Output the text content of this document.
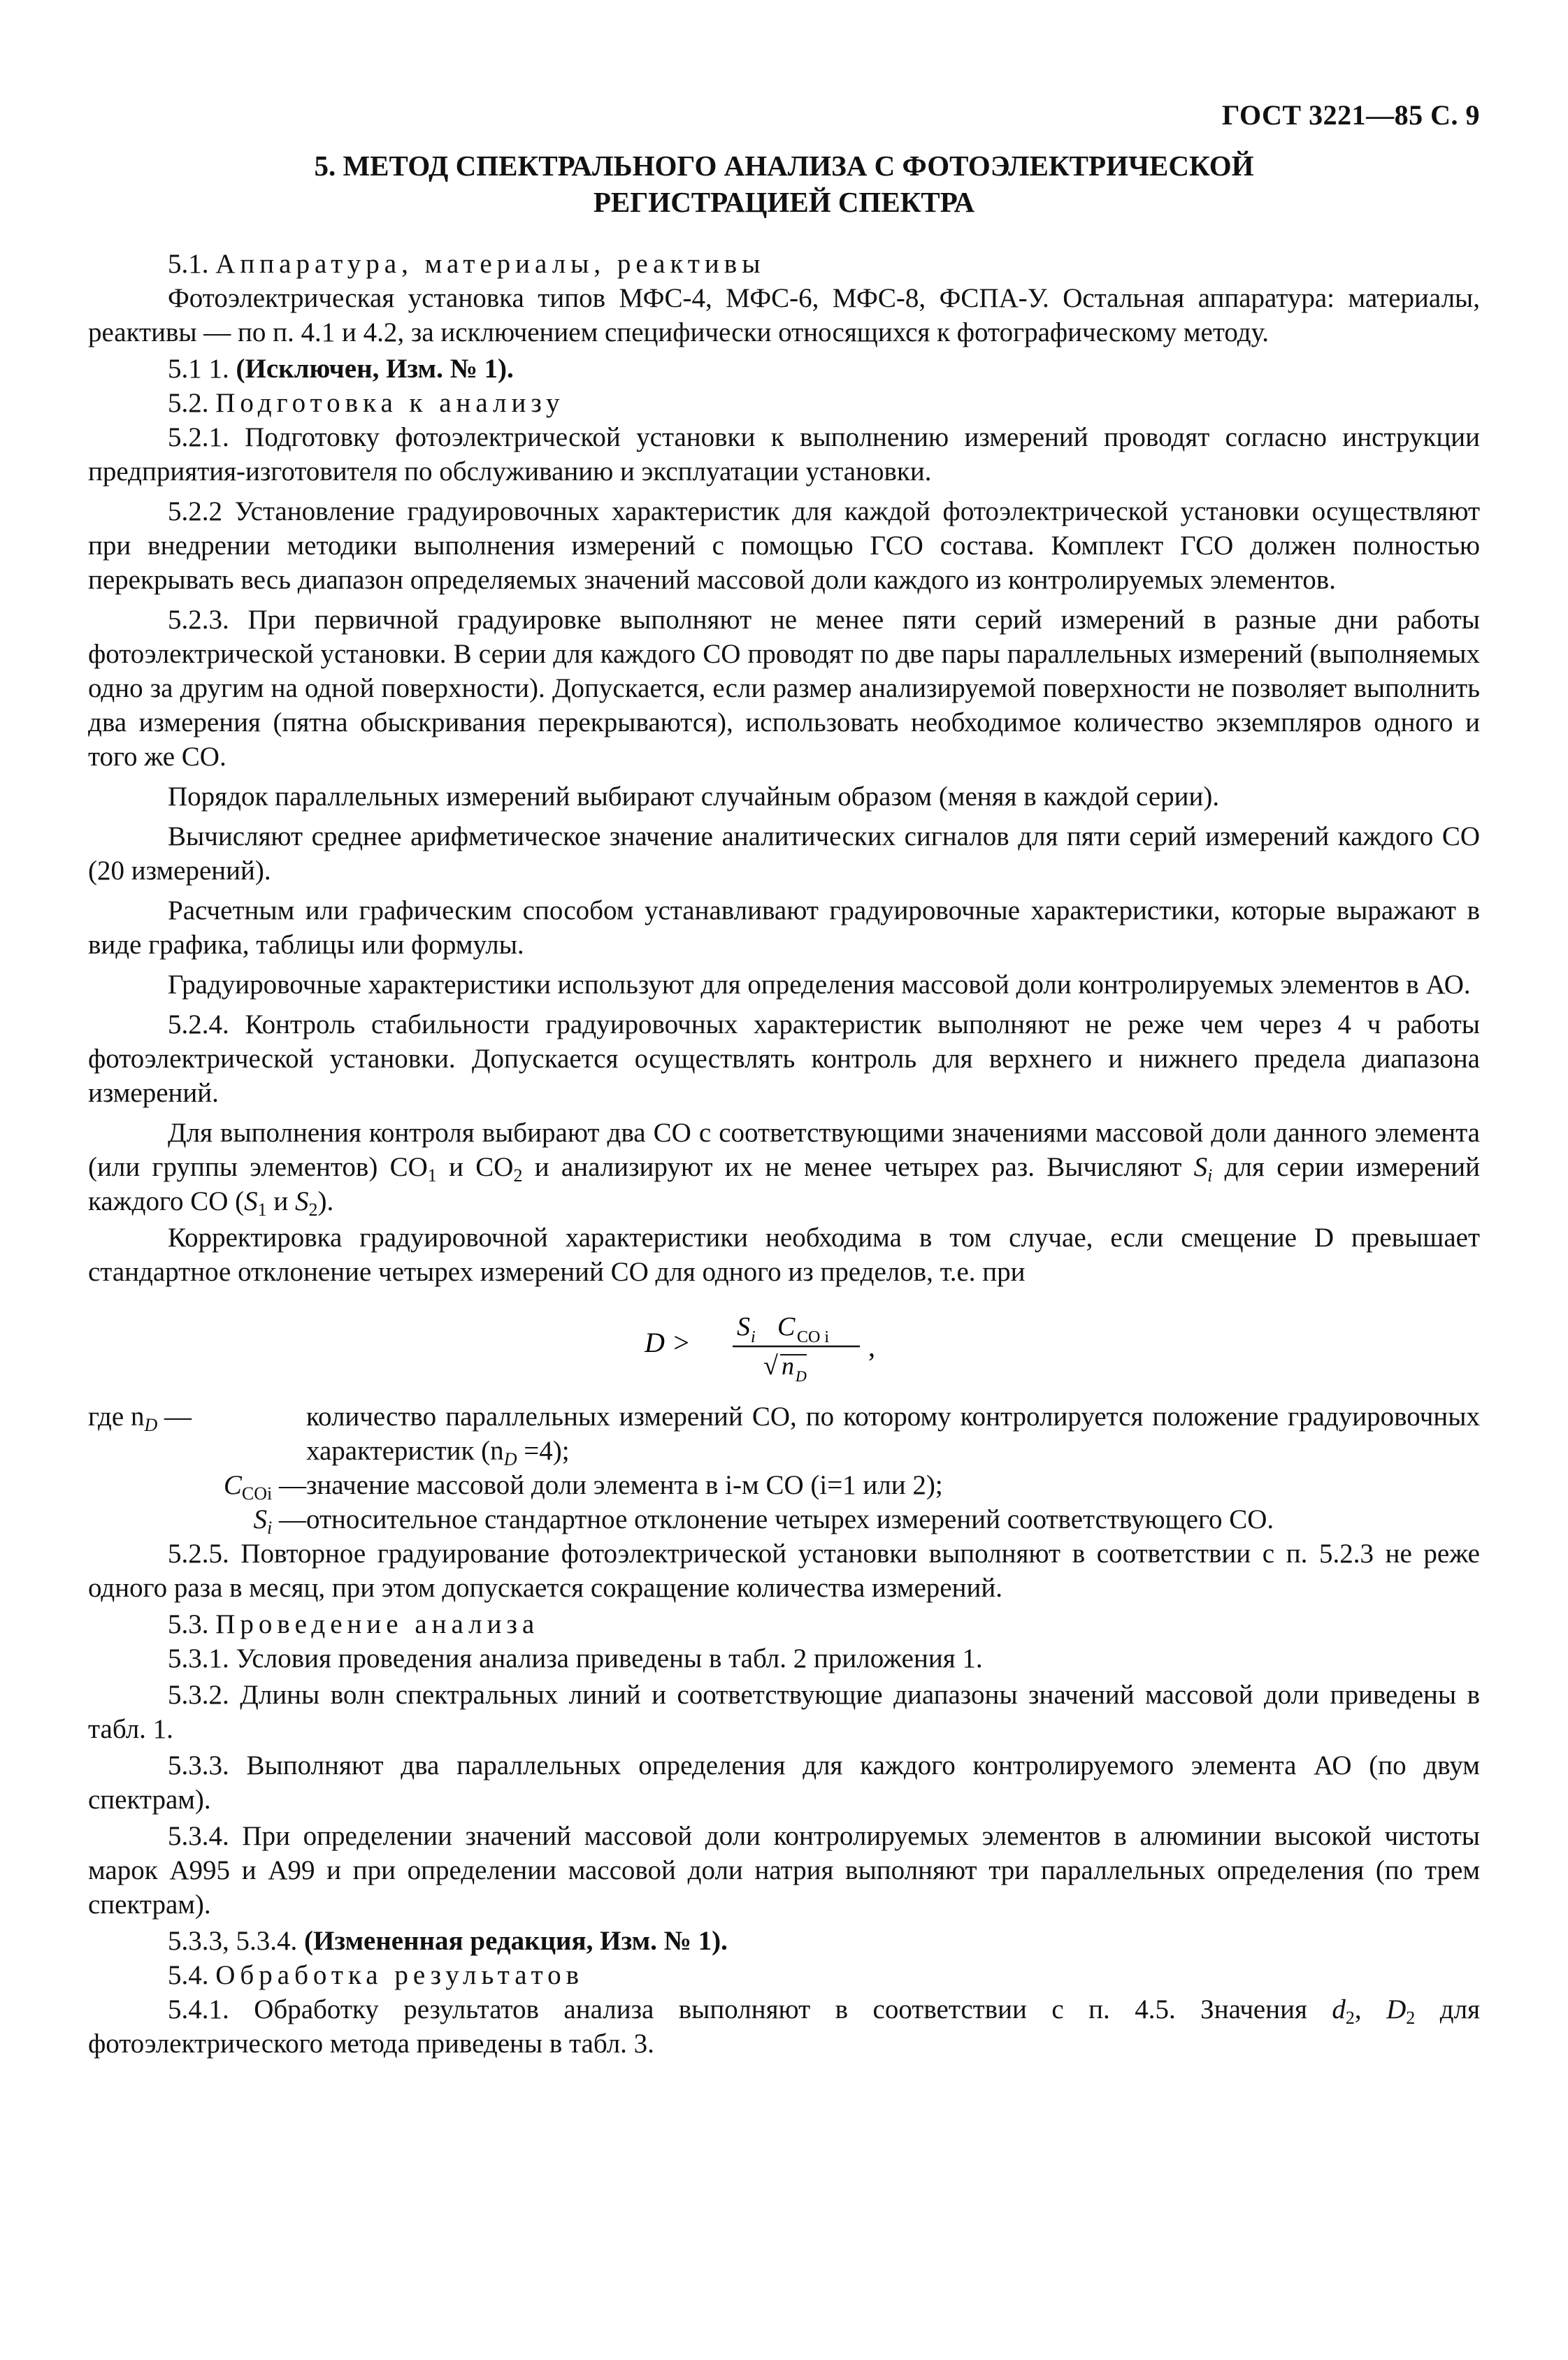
ГОСТ 3221—85 С. 9
5. МЕТОД СПЕКТРАЛЬНОГО АНАЛИЗА С ФОТОЭЛЕКТРИЧЕСКОЙ
РЕГИСТРАЦИЕЙ СПЕКТРА

5.1. Аппаратура, материалы, реактивы

Фотоэлектрическая установка типов МФС-4, МФС-6, МФС-8, ФСПА-У. Остальная аппаратура: материалы, реактивы — по п. 4.1 и 4.2, за исключением специфически относящихся к фотографическому методу.

5.1 1. (Исключен, Изм. № 1).

5.2. Подготовка к анализу

5.2.1. Подготовку фотоэлектрической установки к выполнению измерений проводят согласно инструкции предприятия-изготовителя по обслуживанию и эксплуатации установки.

5.2.2 Установление градуировочных характеристик для каждой фотоэлектрической установки осуществляют при внедрении методики выполнения измерений с помощью ГСО состава. Комплект ГСО должен полностью перекрывать весь диапазон определяемых значений массовой доли каждого из контролируемых элементов.

5.2.3. При первичной градуировке выполняют не менее пяти серий измерений в разные дни работы фотоэлектрической установки. В серии для каждого СО проводят по две пары параллельных измерений (выполняемых одно за другим на одной поверхности). Допускается, если размер анализируемой поверхности не позволяет выполнить два измерения (пятна обыскривания перекрываются), использовать необходимое количество экземпляров одного и того же СО.

Порядок параллельных измерений выбирают случайным образом (меняя в каждой серии).

Вычисляют среднее арифметическое значение аналитических сигналов для пяти серий измерений каждого СО (20 измерений).

Расчетным или графическим способом устанавливают градуировочные характеристики, которые выражают в виде графика, таблицы или формулы.

Градуировочные характеристики используют для определения массовой доли контролируемых элементов в АО.

5.2.4. Контроль стабильности градуировочных характеристик выполняют не реже чем через 4 ч работы фотоэлектрической установки. Допускается осуществлять контроль для верхнего и нижнего предела диапазона измерений.

Для выполнения контроля выбирают два СО с соответствующими значениями массовой доли данного элемента (или группы элементов) $СО_1$ и $СО_2$ и анализируют их не менее четырех раз. Вычисляют $S_i$ для серии измерений каждого СО ($S_1$ и $S_2$).

Корректировка градуировочной характеристики необходима в том случае, если смещение D превышает стандартное отклонение четырех измерений СО для одного из пределов, т.е. при

D > S i C CO i
√ n D
,
где $n_D$ —	количество параллельных измерений СО, по которому контролируется положение градуировочных характеристик $(n_D =4)$;
$C_{COi}$ — значение массовой доли элемента в i-м СО (i=1 или 2);
$S_i$ — относительное стандартное отклонение четырех измерений соответствующего СО.

5.2.5. Повторное градуирование фотоэлектрической установки выполняют в соответствии с п. 5.2.3 не реже одного раза в месяц, при этом допускается сокращение количества измерений.

5.3. Проведение анализа

5.3.1. Условия проведения анализа приведены в табл. 2 приложения 1.

5.3.2. Длины волн спектральных линий и соответствующие диапазоны значений массовой доли приведены в табл. 1.

5.3.3. Выполняют два параллельных определения для каждого контролируемого элемента АО (по двум спектрам).

5.3.4. При определении значений массовой доли контролируемых элементов в алюминии высокой чистоты марок А995 и А99 и при определении массовой доли натрия выполняют три параллельных определения (по трем спектрам).

5.3.3, 5.3.4. (Измененная редакция, Изм. № 1).

5.4. Обработка результатов

5.4.1. Обработку результатов анализа выполняют в соответствии с п. 4.5. Значения $d_2$, $D_2$ для фотоэлектрического метода приведены в табл. 3.
